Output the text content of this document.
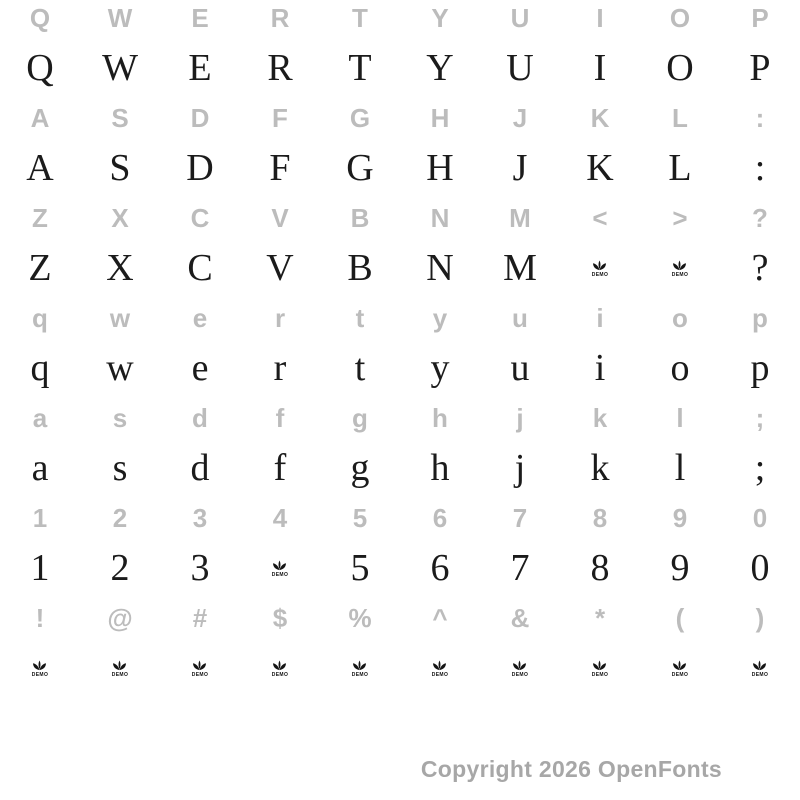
Q	W	E	R	T	Y	U	I	O	P
Q	W	E	R	T	Y	U	I	O	P
A	S	D	F	G	H	J	K	L	:
A	S	D	F	G	H	J	K	L	:
Z	X	C	V	B	N	M	<	>	?
Z	X	C	V	B	N	M	DEMO	DEMO	?
q	w	e	r	t	y	u	i	o	p
q	w	e	r	t	y	u	i	o	p
a	s	d	f	g	h	j	k	l	;
a	s	d	f	g	h	j	k	l	;
1	2	3	4	5	6	7	8	9	0
1	2	3	DEMO	5	6	7	8	9	0
!	@	#	$	%	^	&	*	(	)
DEMO	DEMO	DEMO	DEMO	DEMO	DEMO	DEMO	DEMO	DEMO	DEMO
Copyright 2026 OpenFonts
